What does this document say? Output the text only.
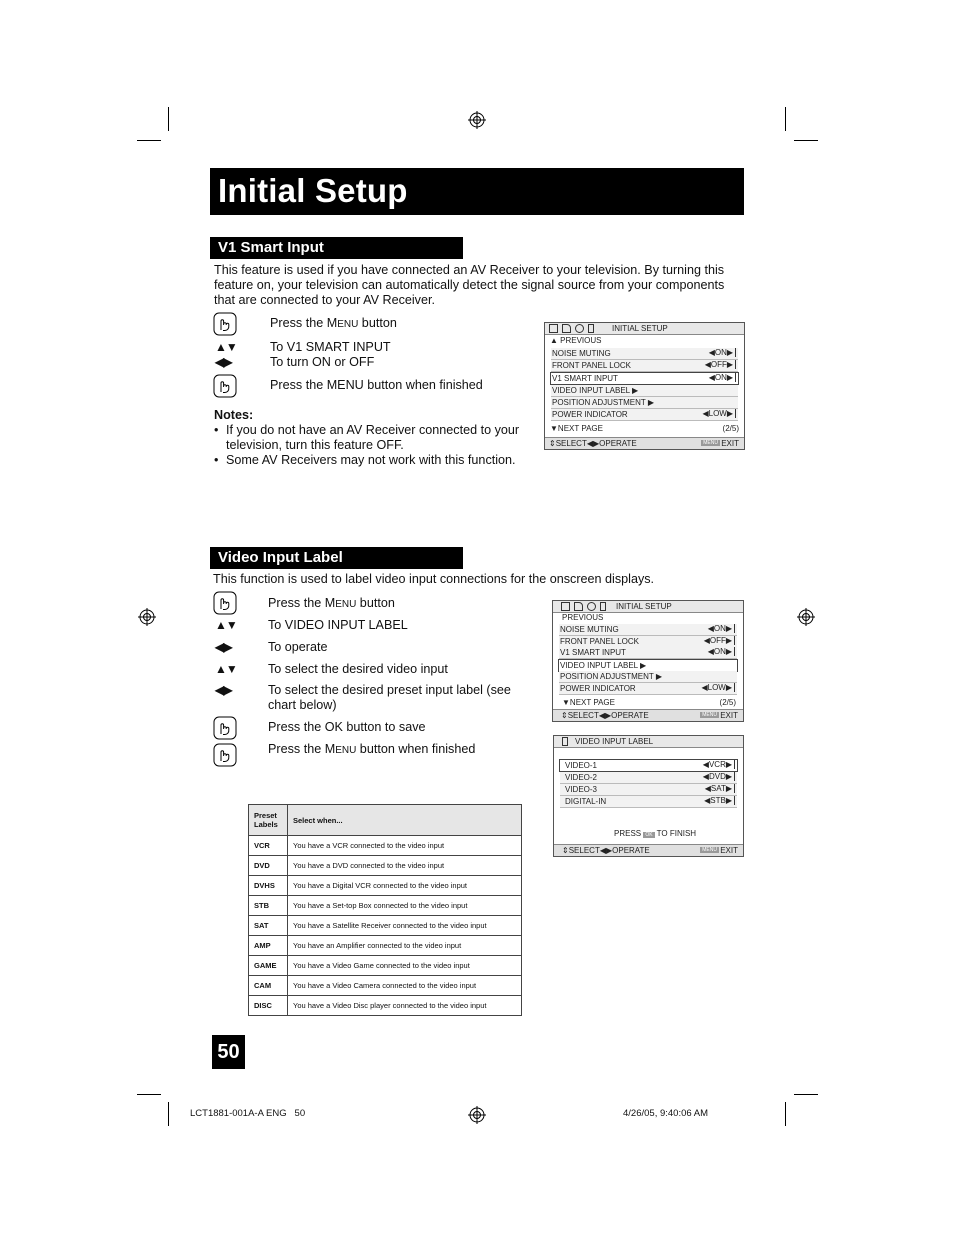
Initial Setup
V1 Smart Input
This feature is used if you have connected an AV Receiver to your television. By turning this feature on, your television can automatically detect the signal source from your components that are connected to your AV Receiver.
Press the MENU button
▲▼	To V1 SMART INPUT
◀▶	To turn ON or OFF
Press the MENU button when finished
Notes:
• If you do not have an AV Receiver connected to your television, turn this feature OFF.
• Some AV Receivers may not work with this function.
INITIAL SETUP
▲ PREVIOUS
NOISE MUTING	◀ON▶
FRONT PANEL LOCK	◀OFF▶
V1 SMART INPUT	◀ON▶
VIDEO INPUT LABEL ▶
POSITION ADJUSTMENT ▶
POWER INDICATOR	◀LOW▶
▼NEXT PAGE	(2/5)
⇕SELECT◀▶OPERATE	MENU EXIT
Video Input Label
This function is used to label video input connections for the onscreen displays.
Press the MENU button
▲▼ To VIDEO INPUT LABEL
◀▶	To operate
▲▼ To select the desired video input
◀▶	To select the desired preset input label (see chart below)
Press the OK button to save
Press the MENU button when finished
INITIAL SETUP
PREVIOUS
NOISE MUTING	◀ON▶
FRONT PANEL LOCK	◀OFF▶
V1 SMART INPUT	◀ON▶
VIDEO INPUT LABEL ▶
POSITION ADJUSTMENT ▶
POWER INDICATOR	◀LOW▶
▼NEXT PAGE	(2/5)
⇕SELECT◀▶OPERATE	MENU EXIT
VIDEO INPUT LABEL
VIDEO-1	◀VCR▶
VIDEO-2	◀DVD▶
VIDEO-3	◀SAT▶
DIGITAL-IN	◀STB▶
PRESS OK TO FINISH
⇕SELECT◀▶OPERATE	MENU EXIT
Preset Labels	Select when...
VCR	You have a VCR connected to the video input
DVD	You have a DVD connected to the video input
DVHS	You have a Digital VCR connected to the video input
STB	You have a Set-top Box connected to the video input
SAT	You have a Satellite Receiver connected to the video input
AMP	You have an Amplifier connected to the video input
GAME	You have a Video Game connected to the video input
CAM	You have a Video Camera connected to the video input
DISC	You have a Video Disc player connected to the video input
50
LCT1881-001A-A ENG   50	4/26/05, 9:40:06 AM
